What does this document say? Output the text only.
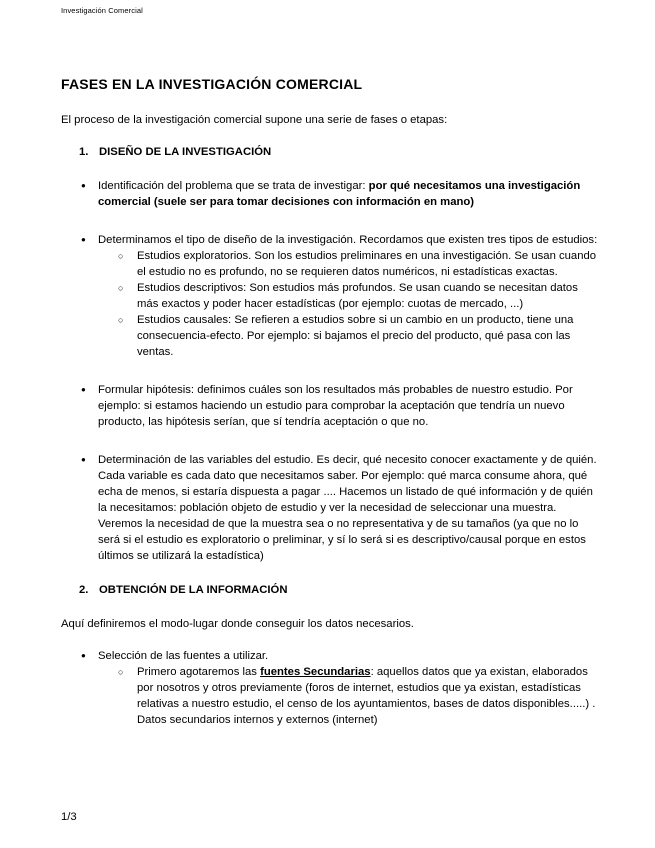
Investigación Comercial
FASES EN LA INVESTIGACIÓN COMERCIAL

El proceso de la investigación comercial supone una serie de fases o etapas:

1. DISEÑO DE LA INVESTIGACIÓN
● Identificación del problema que se trata de investigar: por qué necesitamos una investigación comercial (suele ser para tomar decisiones con información en mano)

● Determinamos el tipo de diseño de la investigación. Recordamos que existen tres tipos de estudios:

○ Estudios exploratorios. Son los estudios preliminares en una investigación. Se usan cuando el estudio no es profundo, no se requieren datos numéricos, ni estadísticas exactas.
○ Estudios descriptivos: Son estudios más profundos. Se usan cuando se necesitan datos más exactos y poder hacer estadísticas (por ejemplo: cuotas de mercado, ...)
○ Estudios causales: Se refieren a estudios sobre si un cambio en un producto, tiene una consecuencia-efecto. Por ejemplo: si bajamos el precio del producto, qué pasa con las ventas.
● Formular hipótesis: definimos cuáles son los resultados más probables de nuestro estudio. Por ejemplo: si estamos haciendo un estudio para comprobar la aceptación que tendría un nuevo producto, las hipótesis serían, que sí tendría aceptación o que no.
● Determinación de las variables del estudio. Es decir, qué necesito conocer exactamente y de quién. Cada variable es cada dato que necesitamos saber. Por ejemplo: qué marca consume ahora, qué echa de menos, si estaría dispuesta a pagar .... Hacemos un listado de qué información y de quién la necesitamos: población objeto de estudio y ver la necesidad de seleccionar una muestra. Veremos la necesidad de que la muestra sea o no representativa y de su tamaños (ya que no lo será si el estudio es exploratorio o preliminar, y sí lo será si es descriptivo/causal porque en estos últimos se utilizará la estadística)
2. OBTENCIÓN DE LA INFORMACIÓN

Aquí definiremos el modo-lugar donde conseguir los datos necesarios.

● Selección de las fuentes a utilizar.

○ Primero agotaremos las fuentes Secundarias: aquellos datos que ya existan, elaborados por nosotros y otros previamente (foros de internet, estudios que ya existan, estadísticas relativas a nuestro estudio, el censo de los ayuntamientos, bases de datos disponibles.....) . Datos secundarios internos y externos (internet)
1/3
